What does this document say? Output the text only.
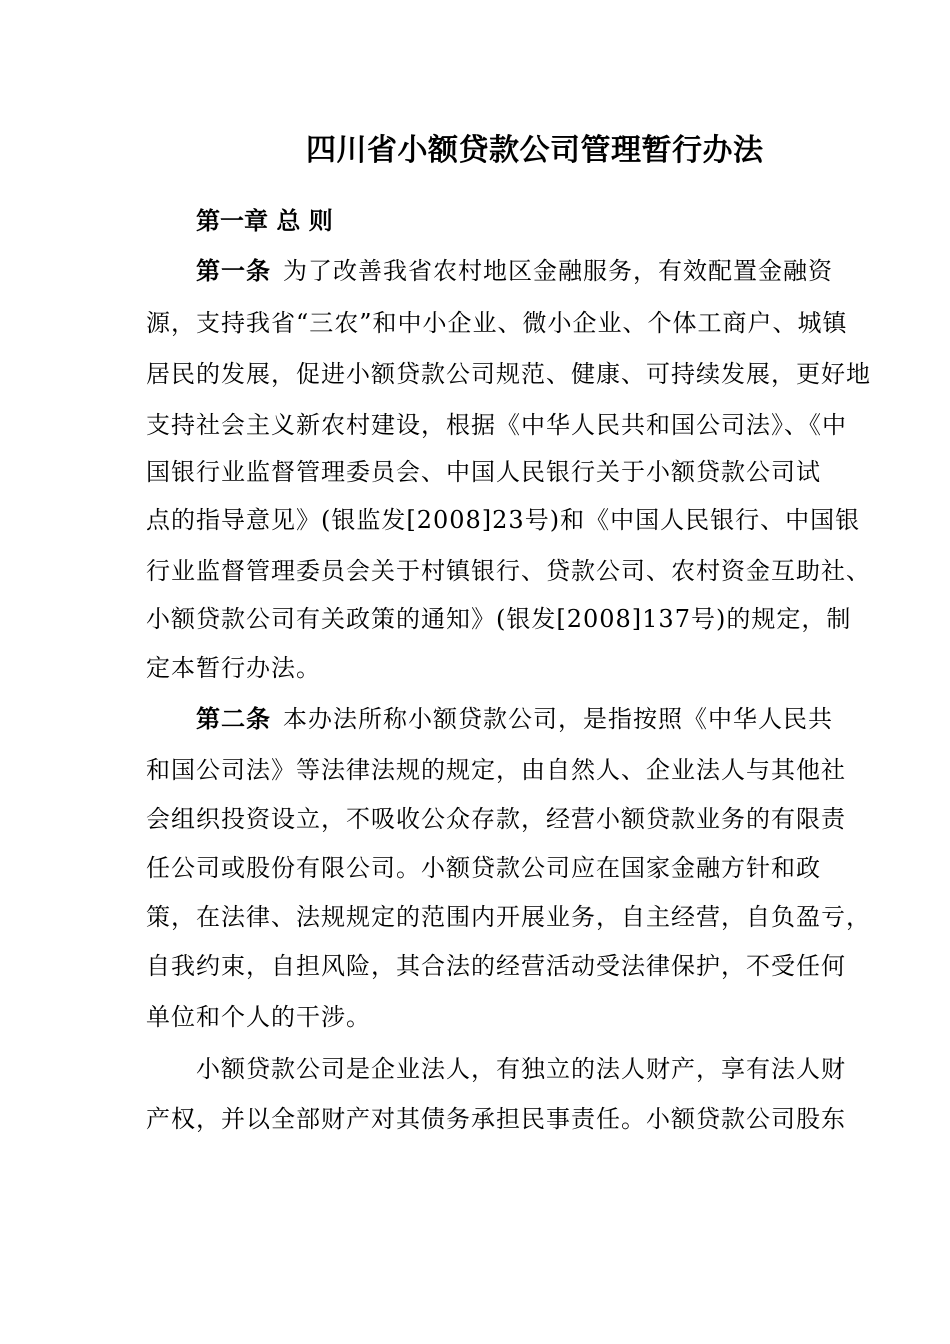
四川省小额贷款公司管理暂行办法
第一章 总 则
第一条 为了改善我省农村地区金融服务，有效配置金融资
源，支持我省“三农”和中小企业、微小企业、个体工商户、城镇
居民的发展，促进小额贷款公司规范、健康、可持续发展，更好地
支持社会主义新农村建设，根据《中华人民共和国公司法》、《中
国银行业监督管理委员会、中国人民银行关于小额贷款公司试
点的指导意见》(银监发[2008]23号)和《中国人民银行、中国银
行业监督管理委员会关于村镇银行、贷款公司、农村资金互助社、
小额贷款公司有关政策的通知》(银发[2008]137号)的规定，制
定本暂行办法。
第二条 本办法所称小额贷款公司，是指按照《中华人民共
和国公司法》等法律法规的规定，由自然人、企业法人与其他社
会组织投资设立，不吸收公众存款，经营小额贷款业务的有限责
任公司或股份有限公司。小额贷款公司应在国家金融方针和政
策，在法律、法规规定的范围内开展业务，自主经营，自负盈亏，
自我约束，自担风险，其合法的经营活动受法律保护，不受任何
单位和个人的干涉。
小额贷款公司是企业法人，有独立的法人财产，享有法人财
产权，并以全部财产对其债务承担民事责任。小额贷款公司股东
